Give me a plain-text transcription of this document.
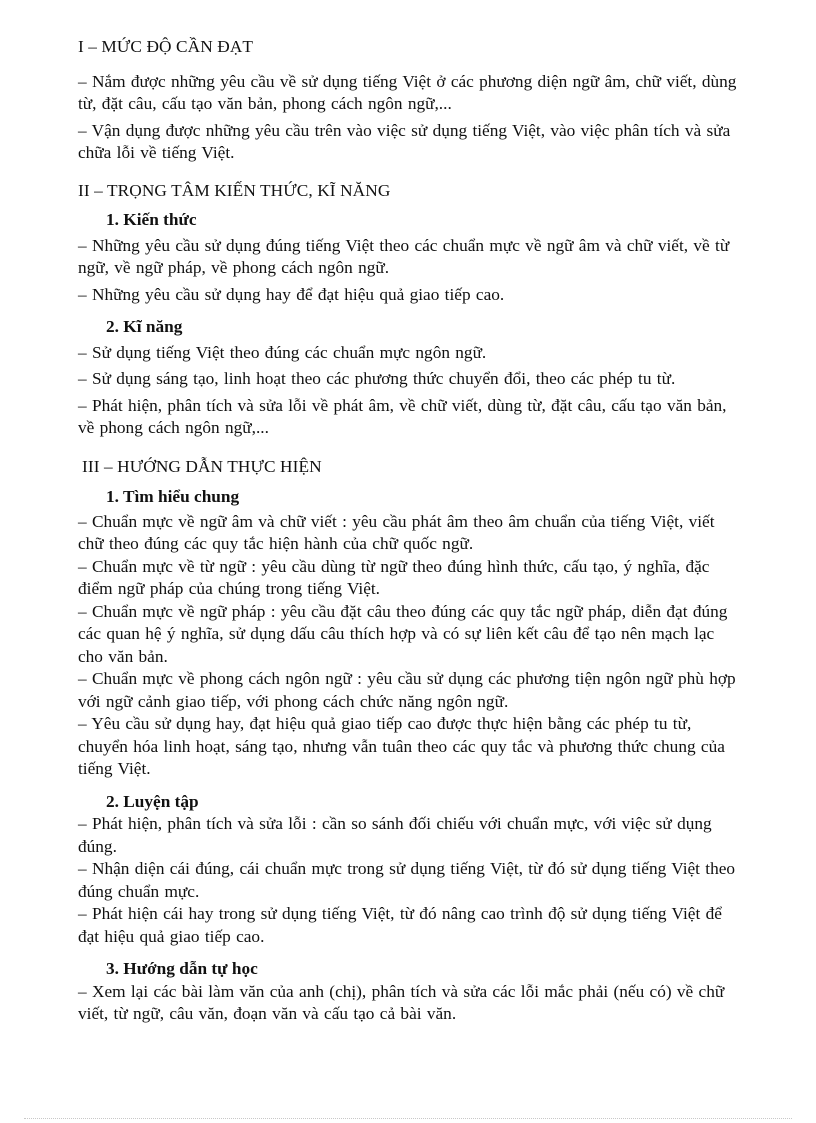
I – MỨC ĐỘ CẦN ĐẠT

– Nắm được những yêu cầu về sử dụng tiếng Việt ở các phương diện ngữ âm, chữ viết, dùng từ, đặt câu, cấu tạo văn bản, phong cách ngôn ngữ,...

– Vận dụng được những yêu cầu trên vào việc sử dụng tiếng Việt, vào việc phân tích và sửa chữa lỗi về tiếng Việt.

II – TRỌNG TÂM KIẾN THỨC, KĨ NĂNG

1. Kiến thức

– Những yêu cầu sử dụng đúng tiếng Việt theo các chuẩn mực về ngữ âm và chữ viết, về từ ngữ, về ngữ pháp, về phong cách ngôn ngữ.

– Những yêu cầu sử dụng hay để đạt hiệu quả giao tiếp cao.

2. Kĩ năng

– Sử dụng tiếng Việt theo đúng các chuẩn mực ngôn ngữ.

– Sử dụng sáng tạo, linh hoạt theo các phương thức chuyển đổi, theo các phép tu từ.

– Phát hiện, phân tích và sửa lỗi về phát âm, về chữ viết, dùng từ, đặt câu, cấu tạo văn bản, về phong cách ngôn ngữ,...

III – HƯỚNG DẪN THỰC HIỆN

1. Tìm hiểu chung

– Chuẩn mực về ngữ âm và chữ viết : yêu cầu phát âm theo âm chuẩn của tiếng Việt, viết chữ theo đúng các quy tắc hiện hành của chữ quốc ngữ.

– Chuẩn mực về từ ngữ : yêu cầu dùng từ ngữ theo đúng hình thức, cấu tạo, ý nghĩa, đặc điểm ngữ pháp của chúng trong tiếng Việt.

– Chuẩn mực về ngữ pháp : yêu cầu đặt câu theo đúng các quy tắc ngữ pháp, diễn đạt đúng các quan hệ ý nghĩa, sử dụng dấu câu thích hợp và có sự liên kết câu để tạo nên mạch lạc cho văn bản.

– Chuẩn mực về phong cách ngôn ngữ : yêu cầu sử dụng các phương tiện ngôn ngữ phù hợp với ngữ cảnh giao tiếp, với phong cách chức năng ngôn ngữ.

– Yêu cầu sử dụng hay, đạt hiệu quả giao tiếp cao được thực hiện bằng các phép tu từ, chuyển hóa linh hoạt, sáng tạo, nhưng vẫn tuân theo các quy tắc và phương thức chung của tiếng Việt.

2. Luyện tập

– Phát hiện, phân tích và sửa lỗi : cần so sánh đối chiếu với chuẩn mực, với việc sử dụng đúng.

– Nhận diện cái đúng, cái chuẩn mực trong sử dụng tiếng Việt, từ đó sử dụng tiếng Việt theo đúng chuẩn mực.

– Phát hiện cái hay trong sử dụng tiếng Việt, từ đó nâng cao trình độ sử dụng tiếng Việt để đạt hiệu quả giao tiếp cao.

3. Hướng dẫn tự học

– Xem lại các bài làm văn của anh (chị), phân tích và sửa các lỗi mắc phải (nếu có) về chữ viết, từ ngữ, câu văn, đoạn văn và cấu tạo cả bài văn.
